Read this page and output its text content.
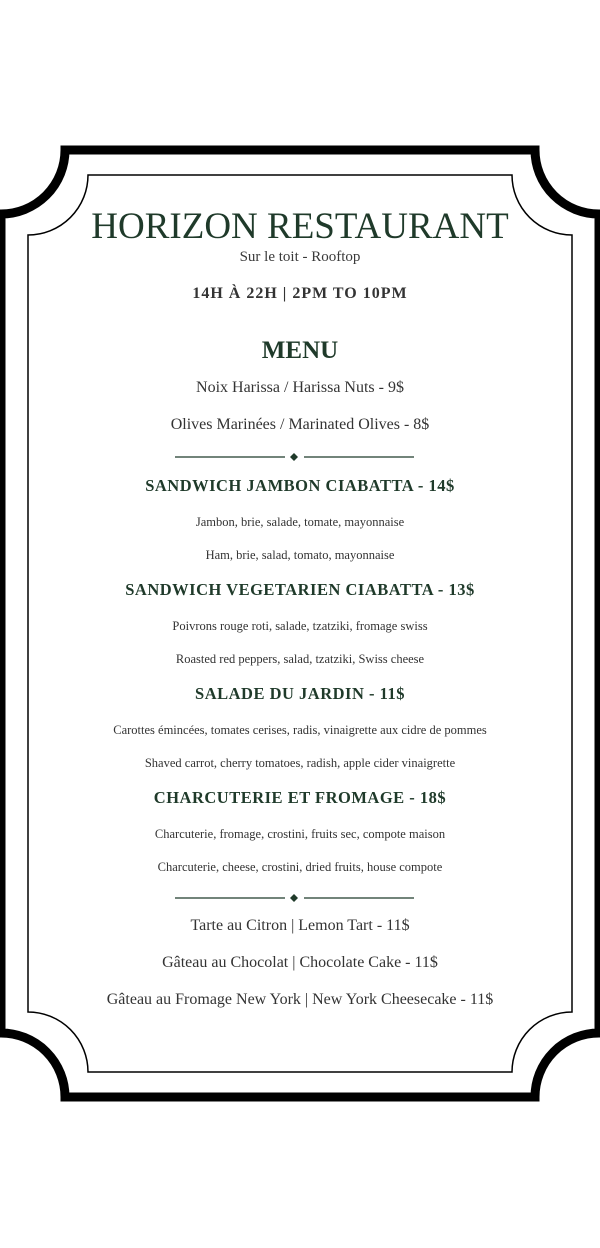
HORIZON RESTAURANT
Sur le toit - Rooftop
14H À 22H | 2PM TO 10PM
MENU
Noix Harissa / Harissa Nuts - 9$
Olives Marinées / Marinated Olives - 8$
SANDWICH JAMBON CIABATTA - 14$
Jambon, brie, salade, tomate, mayonnaise
Ham, brie, salad, tomato, mayonnaise
SANDWICH VEGETARIEN CIABATTA - 13$
Poivrons rouge roti, salade, tzatziki, fromage swiss
Roasted red peppers, salad, tzatziki, Swiss cheese
SALADE DU JARDIN - 11$
Carottes émincées, tomates cerises, radis, vinaigrette aux cidre de pommes
Shaved carrot, cherry tomatoes, radish, apple cider vinaigrette
CHARCUTERIE ET FROMAGE - 18$
Charcuterie, fromage, crostini, fruits sec, compote maison
Charcuterie, cheese, crostini, dried fruits, house compote
Tarte au Citron | Lemon Tart - 11$
Gâteau au Chocolat | Chocolate Cake - 11$
Gâteau au Fromage New York | New York Cheesecake - 11$
